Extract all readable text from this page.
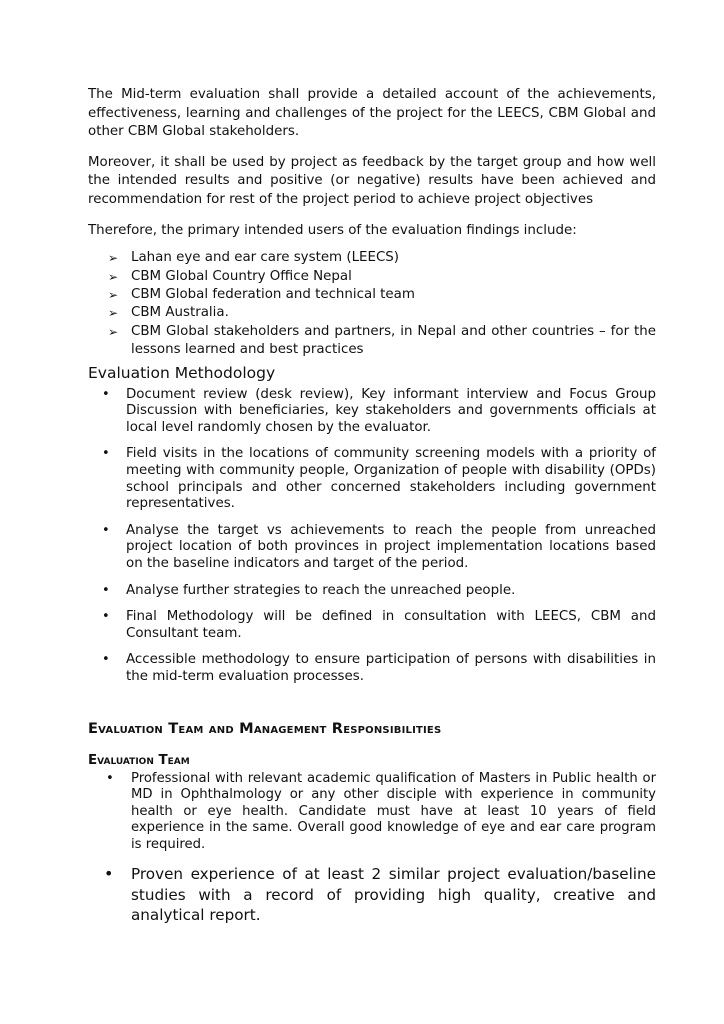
The Mid-term evaluation shall provide a detailed account of the achievements, effectiveness, learning and challenges of the project for the LEECS, CBM Global and other CBM Global stakeholders.

Moreover, it shall be used by project as feedback by the target group and how well the intended results and positive (or negative) results have been achieved and recommendation for rest of the project period to achieve project objectives

Therefore, the primary intended users of the evaluation findings include:

➢ Lahan eye and ear care system (LEECS)
➢ CBM Global Country Office Nepal
➢ CBM Global federation and technical team
➢ CBM Australia.
➢ CBM Global stakeholders and partners, in Nepal and other countries – for the lessons learned and best practices
Evaluation Methodology
• Document review (desk review), Key informant interview and Focus Group Discussion with beneficiaries, key stakeholders and governments officials at local level randomly chosen by the evaluator.
• Field visits in the locations of community screening models with a priority of meeting with community people, Organization of people with disability (OPDs) school principals and other concerned stakeholders including government representatives.
• Analyse the target vs achievements to reach the people from unreached project location of both provinces in project implementation locations based on the baseline indicators and target of the period.
• Analyse further strategies to reach the unreached people.
• Final Methodology will be defined in consultation with LEECS, CBM and Consultant team.
• Accessible methodology to ensure participation of persons with disabilities in the mid-term evaluation processes.
Evaluation Team and Management Responsibilities
Evaluation Team
• Professional with relevant academic qualification of Masters in Public health or MD in Ophthalmology or any other disciple with experience in community health or eye health. Candidate must have at least 10 years of field experience in the same. Overall good knowledge of eye and ear care program is required.
• Proven experience of at least 2 similar project evaluation/baseline studies with a record of providing high quality, creative and analytical report.
